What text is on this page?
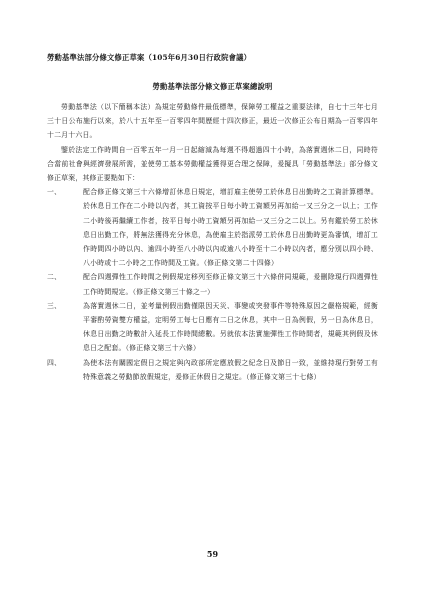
勞動基準法部分條文修正草案（105年6月30日行政院會議）
勞動基準法部分條文修正草案總說明

勞動基準法（以下簡稱本法）為規定勞動條件最低標準，保障勞工權益之重要法律，自七十三年七月三十日公布施行以來，於八十五年至一百零四年間歷經十四次修正，最近一次修正公布日期為一百零四年十二月十六日。

鑒於法定工作時間自一百零五年一月一日起縮減為每週不得超過四十小時，為落實週休二日，同時符合當前社會與經濟發展所需，並使勞工基本勞動權益獲得更合理之保障，爰擬具「勞動基準法」部分條文修正草案，其修正要點如下：

一、	配合修正條文第三十六條增訂休息日規定，增訂雇主使勞工於休息日出勤時之工資計算標準。於休息日工作在二小時以內者，其工資按平日每小時工資額另再加給一又三分之一以上；工作二小時後再繼續工作者，按平日每小時工資額另再加給一又三分之二以上。另有鑑於勞工於休息日出勤工作，將無法獲得充分休息，為使雇主於指派勞工於休息日出勤時更為審慎，增訂工作時間四小時以內、逾四小時至八小時以內或逾八小時至十二小時以內者，應分別以四小時、八小時或十二小時之工作時間及工資。（修正條文第二十四條）
二、	配合四週彈性工作時間之例假規定移列至修正條文第三十六條併同規範，爰刪除現行四週彈性工作時間規定。（修正條文第三十條之一）
三、	為落實週休二日，並考量例假出勤僅限因天災、事變或突發事件等特殊原因之嚴格規範，經衡平審酌勞資雙方權益，定明勞工每七日應有二日之休息，其中一日為例假，另一日為休息日，休息日出勤之時數計入延長工作時間總數。另就依本法實施彈性工作時間者，規範其例假及休息日之配套。（修正條文第三十六條）
四、	為使本法有關國定假日之規定與內政部所定應放假之紀念日及節日一致，並維持現行對勞工有特殊意義之勞動節放假規定，爰修正休假日之規定。（修正條文第三十七條）
59
